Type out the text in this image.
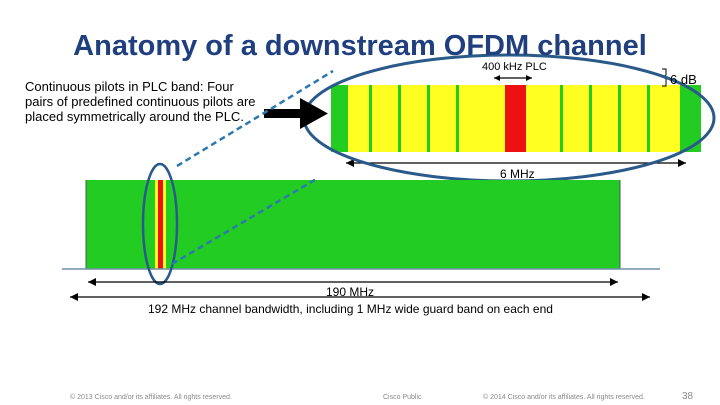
Anatomy of a downstream OFDM channel
Continuous pilots in PLC band: Four pairs of predefined continuous pilots are placed symmetrically around the PLC.
400 kHz PLC
6 dB
6 MHz
190 MHz
192 MHz channel bandwidth, including 1 MHz wide guard band on each end
© 2013 Cisco and/or its affiliates. All rights reserved.	Cisco Public	© 2014 Cisco and/or its affiliates. All rights reserved.	38
